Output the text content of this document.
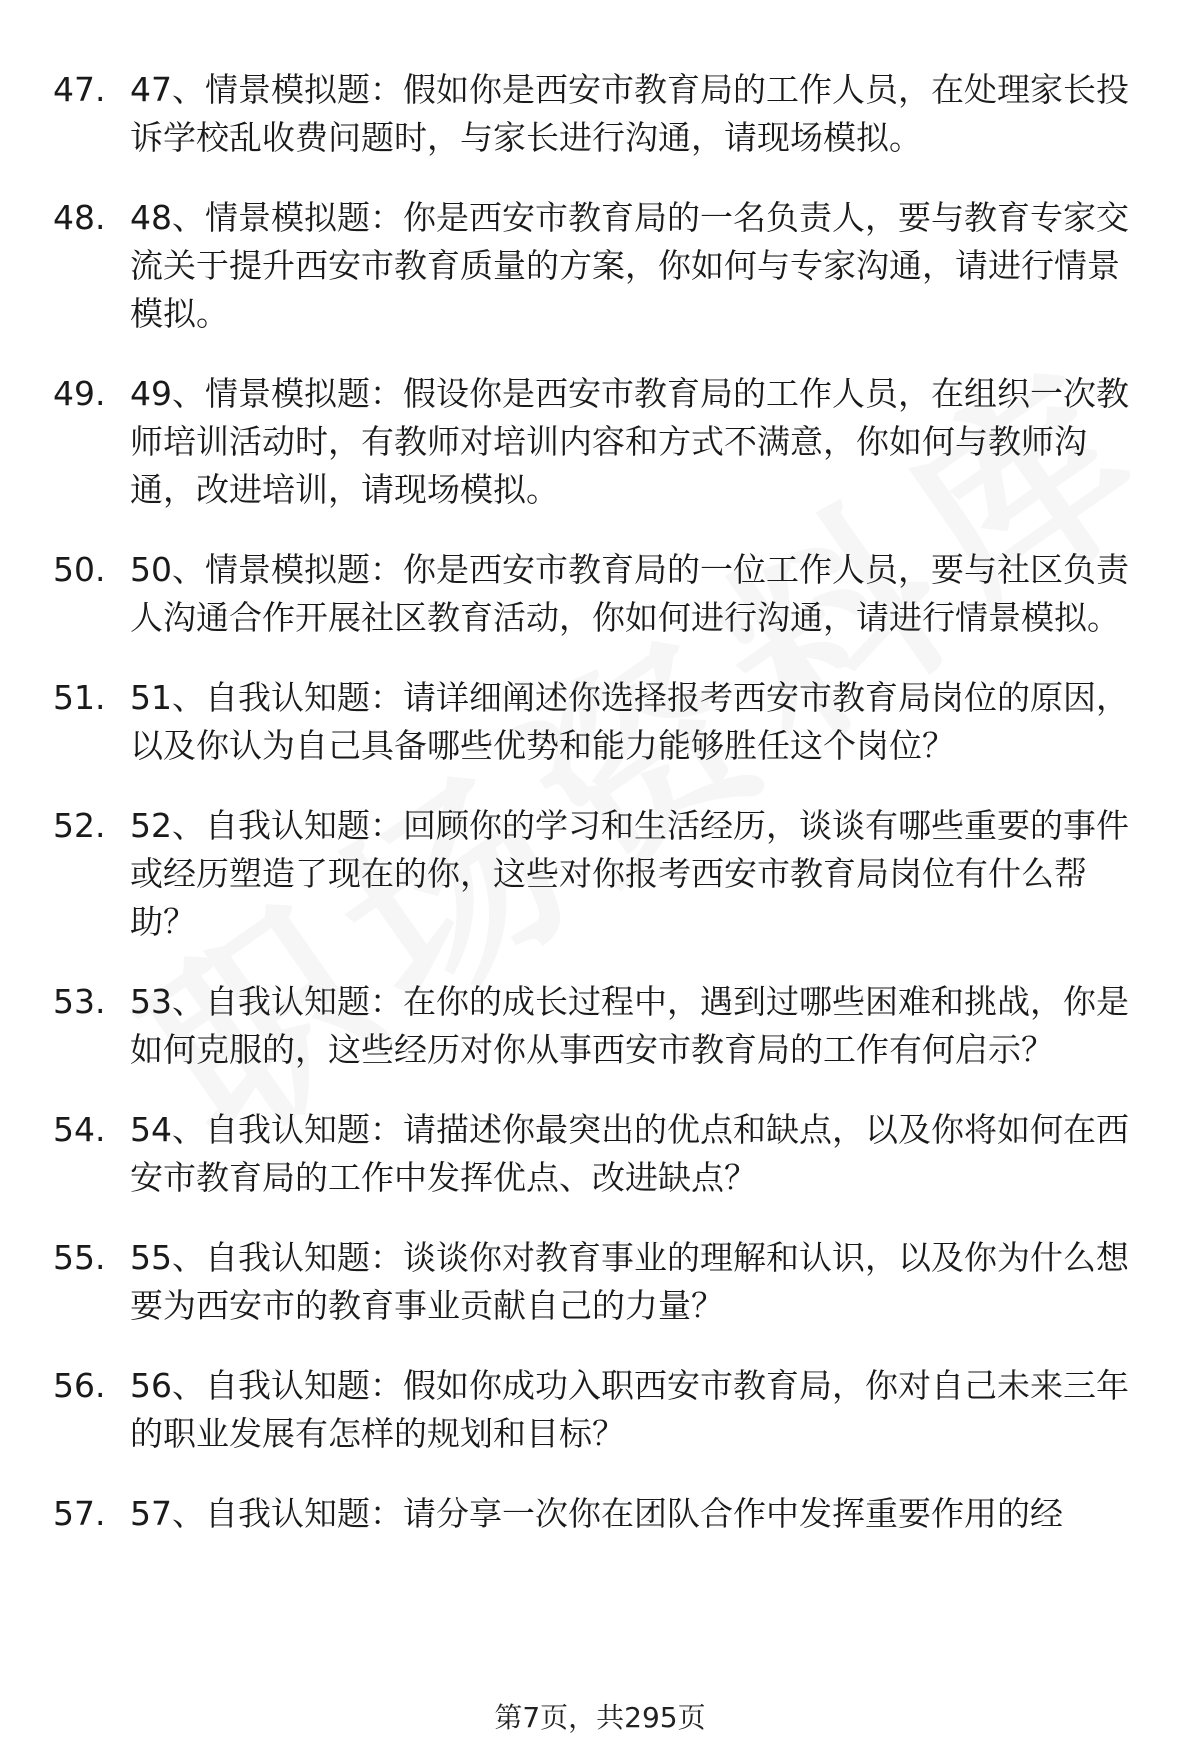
47. 47、情景模拟题：假如你是西安市教育局的工作人员，在处理家长投诉学校乱收费问题时，与家长进行沟通，请现场模拟。
48. 48、情景模拟题：你是西安市教育局的一名负责人，要与教育专家交流关于提升西安市教育质量的方案，你如何与专家沟通，请进行情景模拟。
49. 49、情景模拟题：假设你是西安市教育局的工作人员，在组织一次教师培训活动时，有教师对培训内容和方式不满意，你如何与教师沟通，改进培训，请现场模拟。
50. 50、情景模拟题：你是西安市教育局的一位工作人员，要与社区负责人沟通合作开展社区教育活动，你如何进行沟通，请进行情景模拟。
51. 51、自我认知题：请详细阐述你选择报考西安市教育局岗位的原因，以及你认为自己具备哪些优势和能力能够胜任这个岗位？
52. 52、自我认知题：回顾你的学习和生活经历，谈谈有哪些重要的事件或经历塑造了现在的你，这些对你报考西安市教育局岗位有什么帮助？
53. 53、自我认知题：在你的成长过程中，遇到过哪些困难和挑战，你是如何克服的，这些经历对你从事西安市教育局的工作有何启示？
54. 54、自我认知题：请描述你最突出的优点和缺点，以及你将如何在西安市教育局的工作中发挥优点、改进缺点？
55. 55、自我认知题：谈谈你对教育事业的理解和认识，以及你为什么想要为西安市的教育事业贡献自己的力量？
56. 56、自我认知题：假如你成功入职西安市教育局，你对自己未来三年的职业发展有怎样的规划和目标？
57. 57、自我认知题：请分享一次你在团队合作中发挥重要作用的经
第7页，共295页
